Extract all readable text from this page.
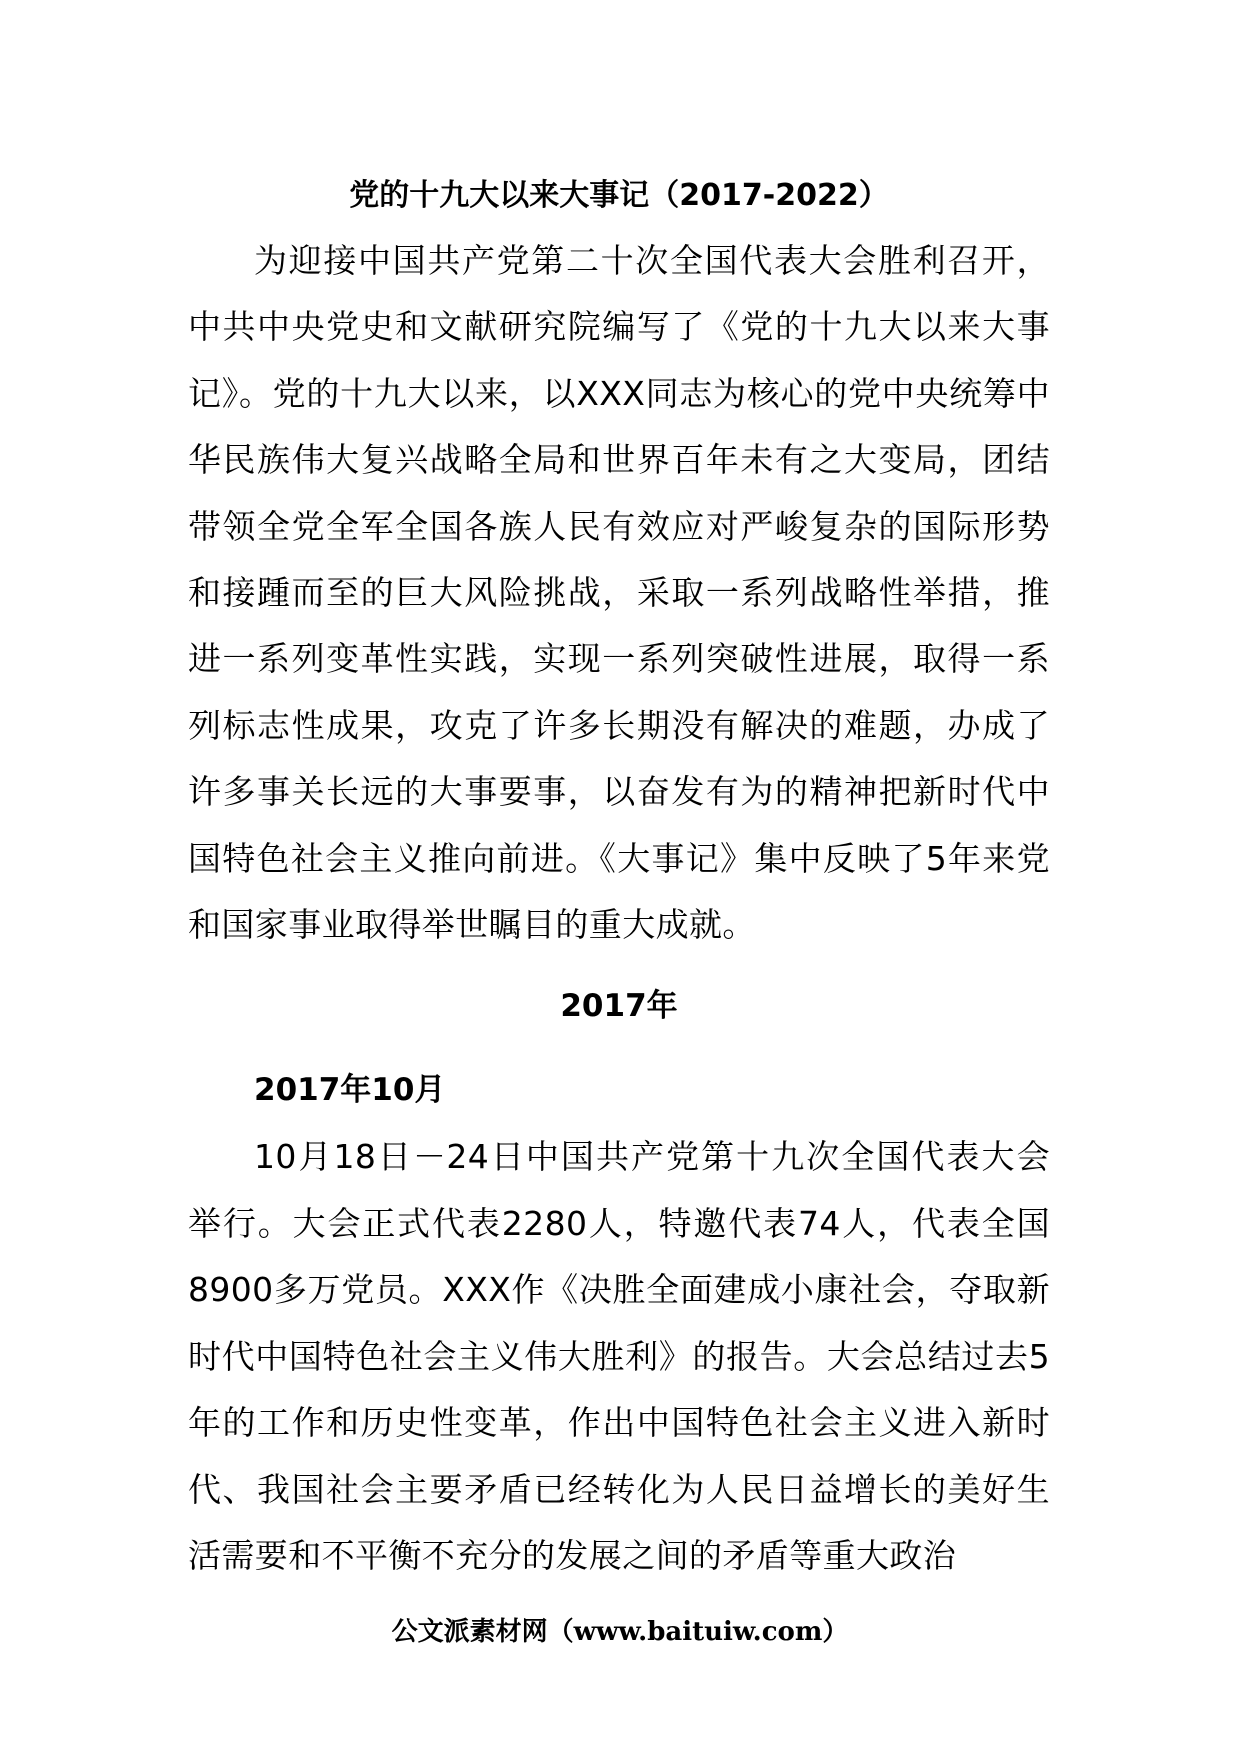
党的十九大以来大事记（2017-2022）

为迎接中国共产党第二十次全国代表大会胜利召开，中共中央党史和文献研究院编写了《党的十九大以来大事记》。党的十九大以来，以XXX同志为核心的党中央统筹中华民族伟大复兴战略全局和世界百年未有之大变局，团结带领全党全军全国各族人民有效应对严峻复杂的国际形势和接踵而至的巨大风险挑战，采取一系列战略性举措，推进一系列变革性实践，实现一系列突破性进展，取得一系列标志性成果，攻克了许多长期没有解决的难题，办成了许多事关长远的大事要事，以奋发有为的精神把新时代中国特色社会主义推向前进。《大事记》集中反映了5年来党和国家事业取得举世瞩目的重大成就。

2017年
2017年10月

10月18日－24日中国共产党第十九次全国代表大会举行。大会正式代表2280人，特邀代表74人，代表全国8900多万党员。XXX作《决胜全面建成小康社会，夺取新时代中国特色社会主义伟大胜利》的报告。大会总结过去5年的工作和历史性变革，作出中国特色社会主义进入新时代、我国社会主要矛盾已经转化为人民日益增长的美好生活需要和不平衡不充分的发展之间的矛盾等重大政治

公文派素材网（www.baituiw.com）
